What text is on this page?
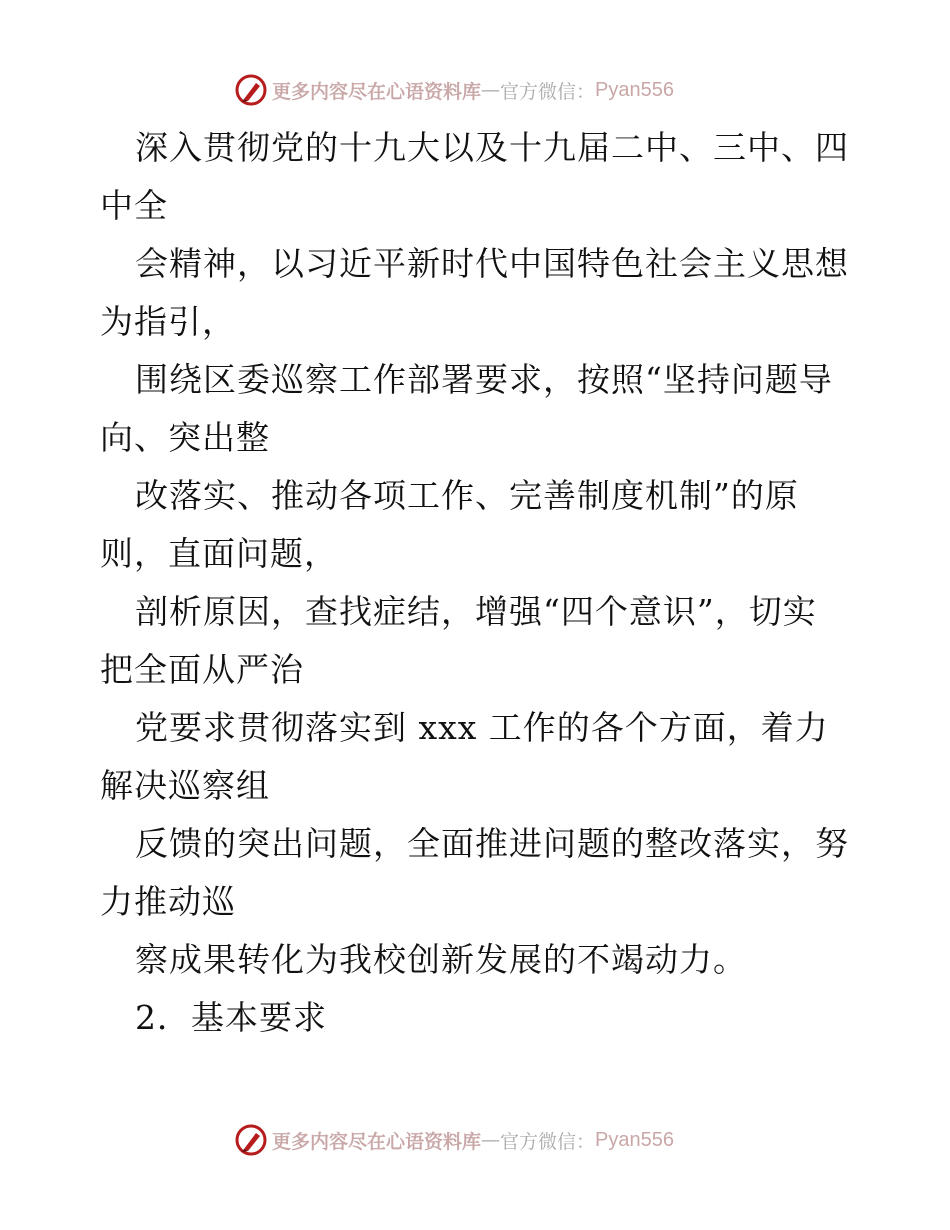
更多内容尽在心语资料库 — 官方微信： Pyan556
深入贯彻党的十九大以及十九届二中、三中、四
中全
会精神，以习近平新时代中国特色社会主义思想
为指引，
围绕区委巡察工作部署要求，按照“坚持问题导
向、突出整
改落实、推动各项工作、完善制度机制”的原
则，直面问题，
剖析原因，查找症结，增强“四个意识”，切实
把全面从严治
党要求贯彻落实到 xxx 工作的各个方面，着力
解决巡察组
反馈的突出问题，全面推进问题的整改落实，努
力推动巡
察成果转化为我校创新发展的不竭动力。
2．基本要求
更多内容尽在心语资料库 — 官方微信： Pyan556
